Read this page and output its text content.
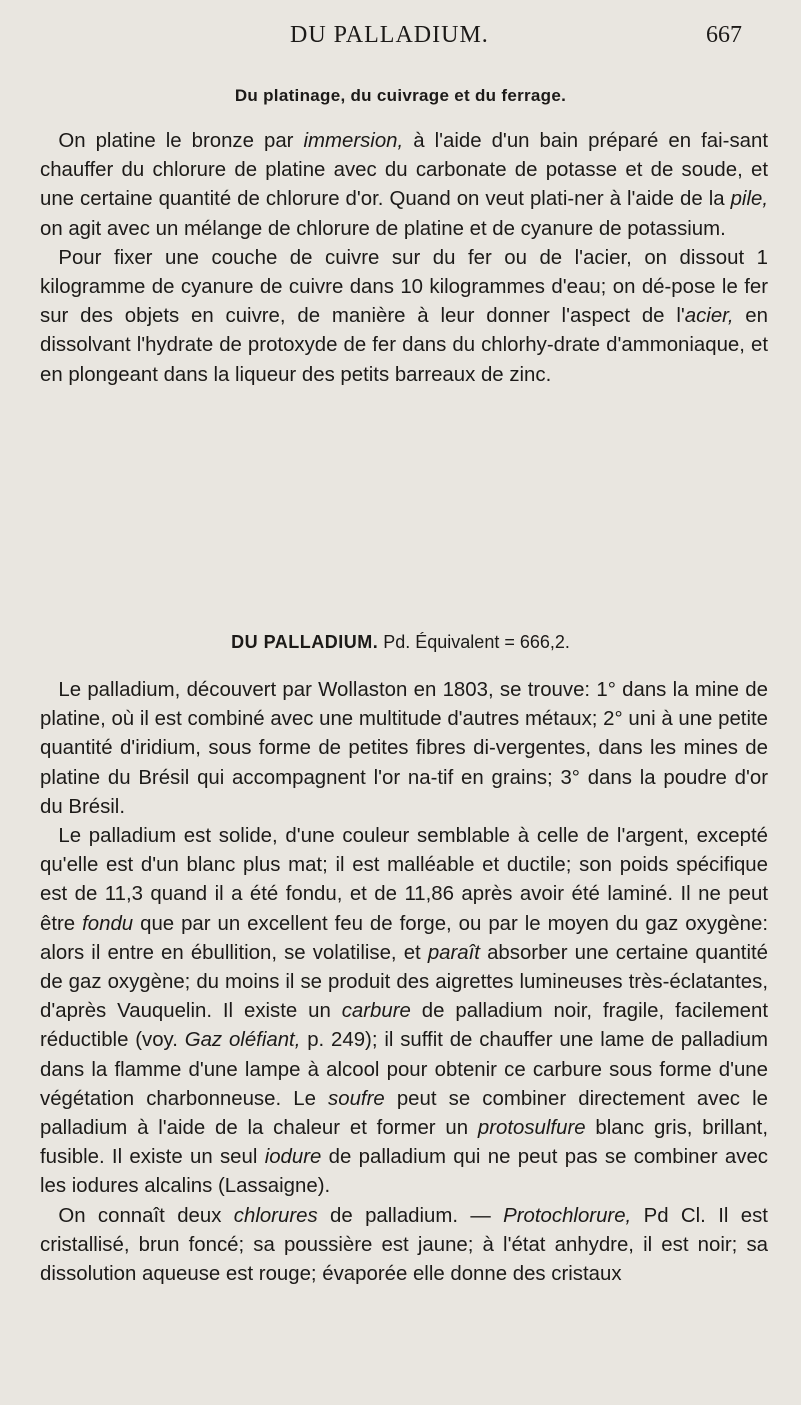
DU PALLADIUM.	667
Du platinage, du cuivrage et du ferrage.

On platine le bronze par immersion, à l'aide d'un bain préparé en fai-sant chauffer du chlorure de platine avec du carbonate de potasse et de soude, et une certaine quantité de chlorure d'or. Quand on veut plati-ner à l'aide de la pile, on agit avec un mélange de chlorure de platine et de cyanure de potassium.

Pour fixer une couche de cuivre sur du fer ou de l'acier, on dissout 1 kilogramme de cyanure de cuivre dans 10 kilogrammes d'eau; on dé-pose le fer sur des objets en cuivre, de manière à leur donner l'aspect de l'acier, en dissolvant l'hydrate de protoxyde de fer dans du chlorhy-drate d'ammoniaque, et en plongeant dans la liqueur des petits barreaux de zinc.

DU PALLADIUM. Pd. Équivalent = 666,2.

Le palladium, découvert par Wollaston en 1803, se trouve: 1° dans la mine de platine, où il est combiné avec une multitude d'autres métaux; 2° uni à une petite quantité d'iridium, sous forme de petites fibres di-vergentes, dans les mines de platine du Brésil qui accompagnent l'or na-tif en grains; 3° dans la poudre d'or du Brésil.

Le palladium est solide, d'une couleur semblable à celle de l'argent, excepté qu'elle est d'un blanc plus mat; il est malléable et ductile; son poids spécifique est de 11,3 quand il a été fondu, et de 11,86 après avoir été laminé. Il ne peut être fondu que par un excellent feu de forge, ou par le moyen du gaz oxygène: alors il entre en ébullition, se volatilise, et paraît absorber une certaine quantité de gaz oxygène; du moins il se produit des aigrettes lumineuses très-éclatantes, d'après Vauquelin. Il existe un carbure de palladium noir, fragile, facilement réductible (voy. Gaz oléfiant, p. 249); il suffit de chauffer une lame de palladium dans la flamme d'une lampe à alcool pour obtenir ce carbure sous forme d'une végétation charbonneuse. Le soufre peut se combiner directement avec le palladium à l'aide de la chaleur et former un protosulfure blanc gris, brillant, fusible. Il existe un seul iodure de palladium qui ne peut pas se combiner avec les iodures alcalins (Lassaigne).

On connaît deux chlorures de palladium. — Protochlorure, Pd Cl. Il est cristallisé, brun foncé; sa poussière est jaune; à l'état anhydre, il est noir; sa dissolution aqueuse est rouge; évaporée elle donne des cristaux
